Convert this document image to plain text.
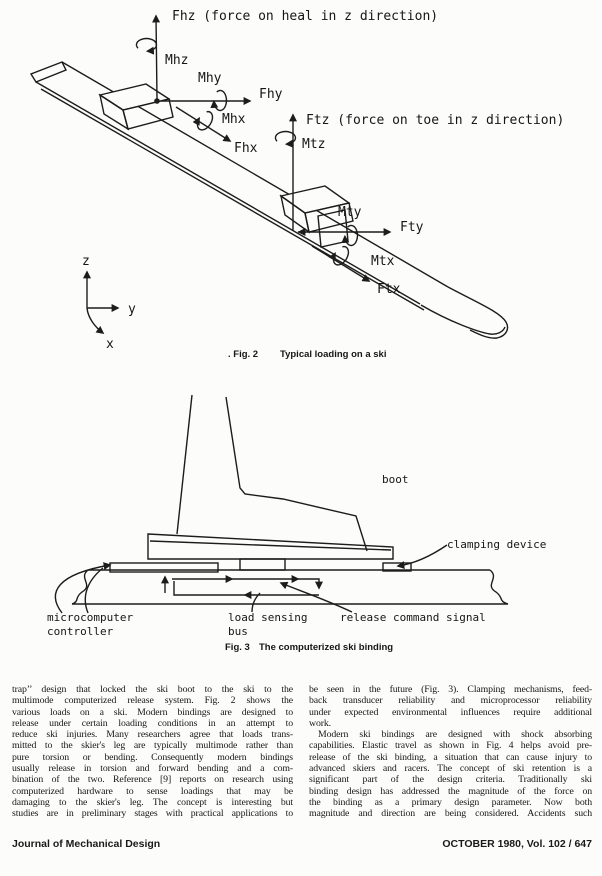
Fhz (force on heal in z direction)
Mhz
Mhy
Fhy
Mhx
Fhx
Ftz (force on toe in z direction)
Mtz
Mty
Fty
Mtx
Ftx
z
y
x
. Fig. 2 Typical loading on a ski
boot
clamping device
microcomputer
controller
load sensing
bus
release command signal
Fig. 3 The computerized ski binding
trap’’ design that locked the ski boot to the ski to the
multimode computerized release system. Fig. 2 shows the
various loads on a ski. Modern bindings are designed to
release under certain loading conditions in an attempt to
reduce ski injuries. Many researchers agree that loads trans-
mitted to the skier's leg are typically multimode rather than
pure torsion or bending. Consequently modern bindings
usually release in torsion and forward bending and a com-
bination of the two. Reference [9] reports on research using
computerized hardware to sense loadings that may be
damaging to the skier's leg. The concept is interesting but
studies are in preliminary stages with practical applications to
be seen in the future (Fig. 3). Clamping mechanisms, feed-
back transducer reliability and microprocessor reliability
under expected environmental influences require additional
work.
Modern ski bindings are designed with shock absorbing
capabilities. Elastic travel as shown in Fig. 4 helps avoid pre-
release of the ski binding, a situation that can cause injury to
advanced skiers and racers. The concept of ski retention is a
significant part of the design criteria. Traditionally ski
binding design has addressed the magnitude of the force on
the binding as a primary design parameter. Now both
magnitude and direction are being considered. Accidents such
Journal of Mechanical Design	OCTOBER 1980, Vol. 102 / 647
